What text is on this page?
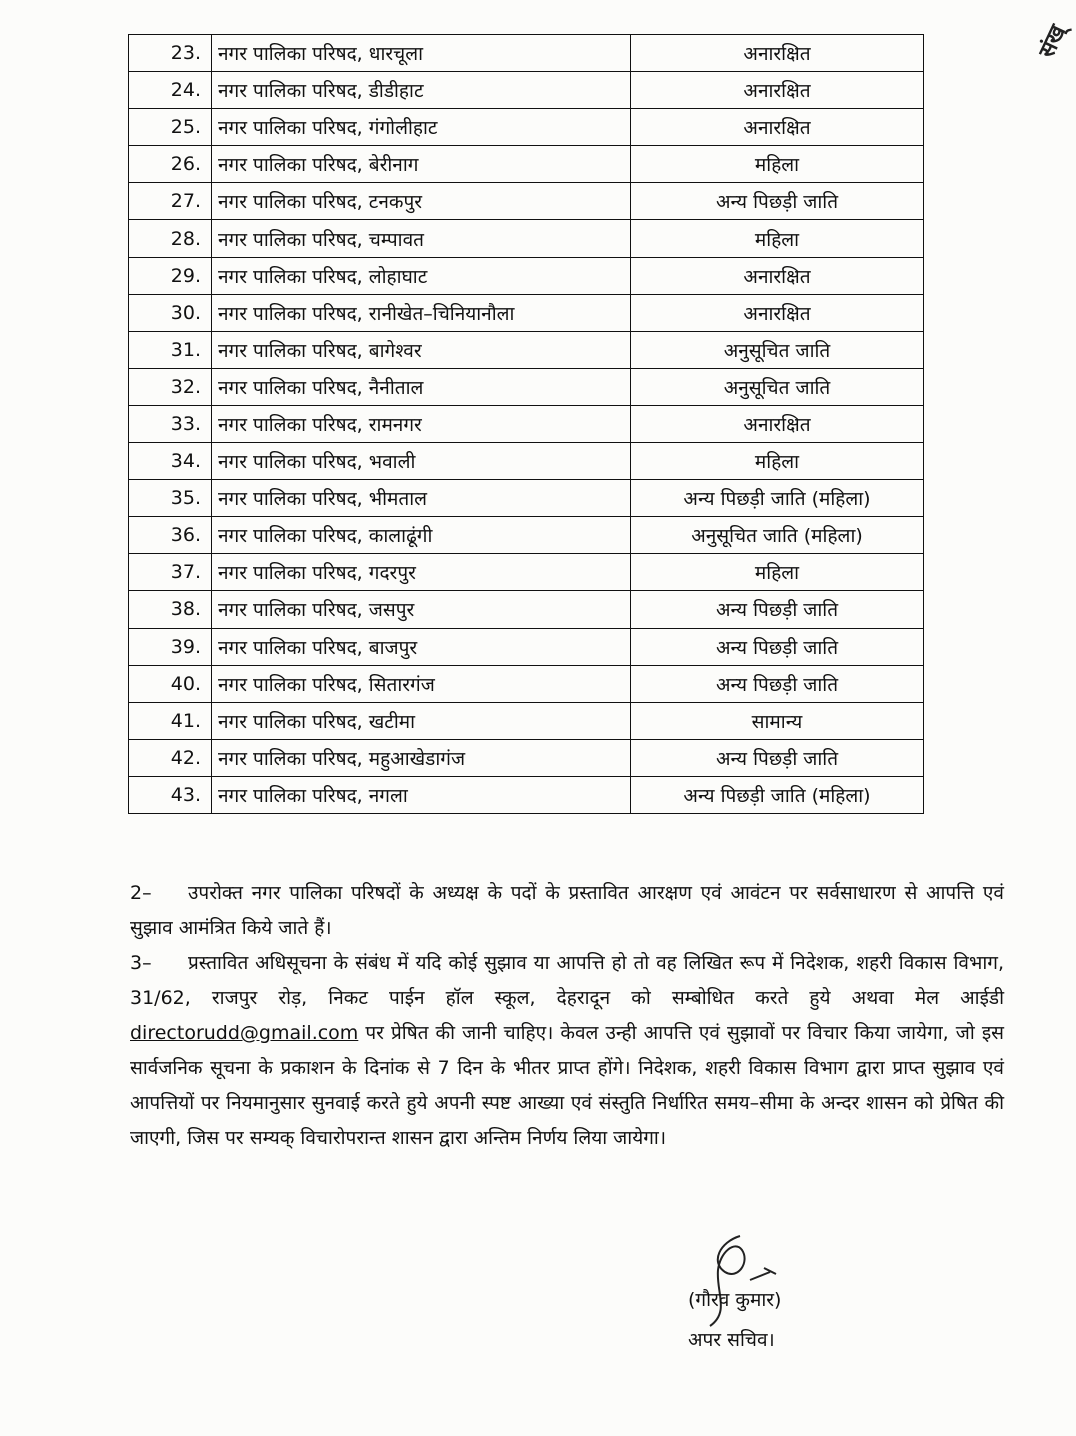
संख्
23.	नगर पालिका परिषद, धारचूला	अनारक्षित
24.	नगर पालिका परिषद, डीडीहाट	अनारक्षित
25.	नगर पालिका परिषद, गंगोलीहाट	अनारक्षित
26.	नगर पालिका परिषद, बेरीनाग	महिला
27.	नगर पालिका परिषद, टनकपुर	अन्य पिछड़ी जाति
28.	नगर पालिका परिषद, चम्पावत	महिला
29.	नगर पालिका परिषद, लोहाघाट	अनारक्षित
30.	नगर पालिका परिषद, रानीखेत–चिनियानौला	अनारक्षित
31.	नगर पालिका परिषद, बागेश्वर	अनुसूचित जाति
32.	नगर पालिका परिषद, नैनीताल	अनुसूचित जाति
33.	नगर पालिका परिषद, रामनगर	अनारक्षित
34.	नगर पालिका परिषद, भवाली	महिला
35.	नगर पालिका परिषद, भीमताल	अन्य पिछड़ी जाति (महिला)
36.	नगर पालिका परिषद, कालाढूंगी	अनुसूचित जाति (महिला)
37.	नगर पालिका परिषद, गदरपुर	महिला
38.	नगर पालिका परिषद, जसपुर	अन्य पिछड़ी जाति
39.	नगर पालिका परिषद, बाजपुर	अन्य पिछड़ी जाति
40.	नगर पालिका परिषद, सितारगंज	अन्य पिछड़ी जाति
41.	नगर पालिका परिषद, खटीमा	सामान्य
42.	नगर पालिका परिषद, महुआखेडागंज	अन्य पिछड़ी जाति
43.	नगर पालिका परिषद, नगला	अन्य पिछड़ी जाति (महिला)

2– उपरोक्त नगर पालिका परिषदों के अध्यक्ष के पदों के प्रस्तावित आरक्षण एवं आवंटन पर सर्वसाधारण से आपत्ति एवं सुझाव आमंत्रित किये जाते हैं।

3– प्रस्तावित अधिसूचना के संबंध में यदि कोई सुझाव या आपत्ति हो तो वह लिखित रूप में निदेशक, शहरी विकास विभाग, 31/62, राजपुर रोड़, निकट पाईन हॉल स्कूल, देहरादून को सम्बोधित करते हुये अथवा मेल आईडी directorudd@gmail.com पर प्रेषित की जानी चाहिए। केवल उन्ही आपत्ति एवं सुझावों पर विचार किया जायेगा, जो इस सार्वजनिक सूचना के प्रकाशन के दिनांक से 7 दिन के भीतर प्राप्त होंगे। निदेशक, शहरी विकास विभाग द्वारा प्राप्त सुझाव एवं आपत्तियों पर नियमानुसार सुनवाई करते हुये अपनी स्पष्ट आख्या एवं संस्तुति निर्धारित समय–सीमा के अन्दर शासन को प्रेषित की जाएगी, जिस पर सम्यक् विचारोपरान्त शासन द्वारा अन्तिम निर्णय लिया जायेगा।

(गौरव कुमार)
अपर सचिव।
